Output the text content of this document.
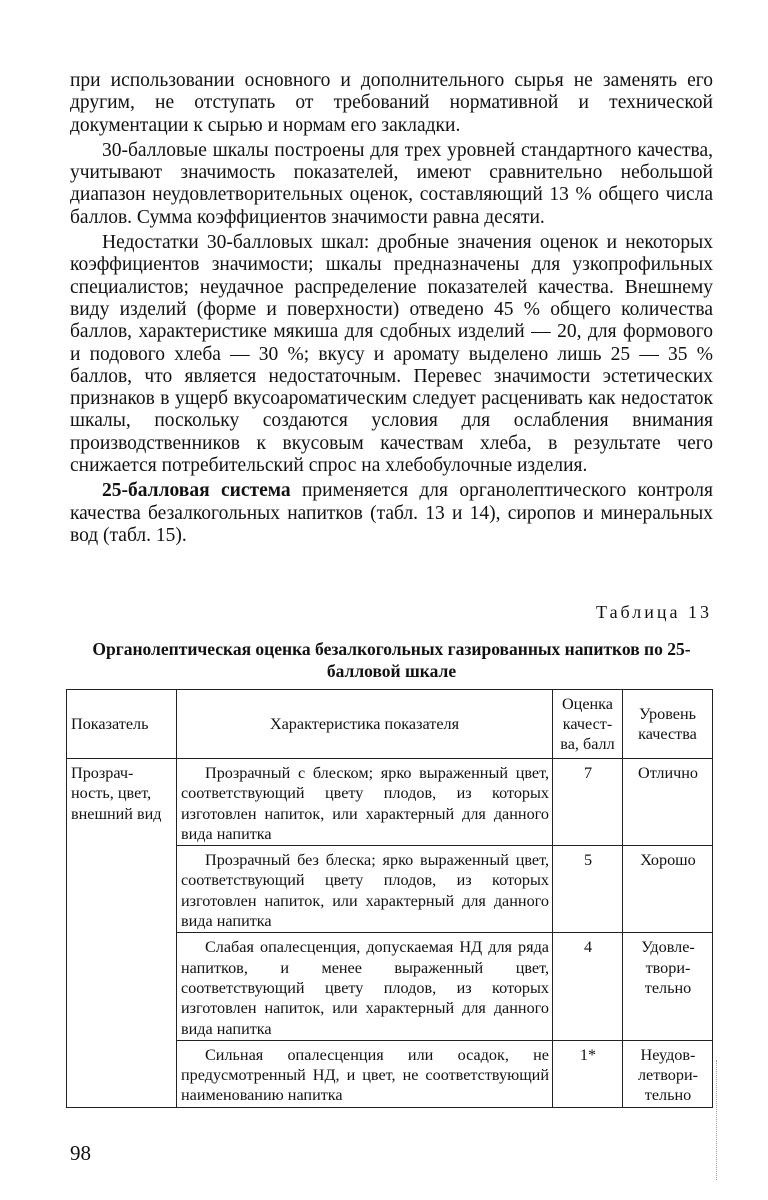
при использовании основного и дополнительного сырья не заменять его другим, не отступать от требований нормативной и технической документации к сырью и нормам его закладки.

30-балловые шкалы построены для трех уровней стандартного качества, учитывают значимость показателей, имеют сравнительно небольшой диапазон неудовлетворительных оценок, составляющий 13 % общего числа баллов. Сумма коэффициентов значимости равна десяти.

Недостатки 30-балловых шкал: дробные значения оценок и некоторых коэффициентов значимости; шкалы предназначены для узкопрофильных специалистов; неудачное распределение показателей качества. Внешнему виду изделий (форме и поверхности) отведено 45 % общего количества баллов, характеристике мякиша для сдобных изделий — 20, для формового и подового хлеба — 30 %; вкусу и аромату выделено лишь 25 — 35 % баллов, что является недостаточным. Перевес значимости эстетических признаков в ущерб вкусоароматическим следует расценивать как недостаток шкалы, поскольку создаются условия для ослабления внимания производственников к вкусовым качествам хлеба, в результате чего снижается потребительский спрос на хлебобулочные изделия.

25-балловая система применяется для органолептического контроля качества безалкогольных напитков (табл. 13 и 14), сиропов и минеральных вод (табл. 15).

Таблица 13
Органолептическая оценка безалкогольных газированных напитков по 25-балловой шкале
Показатель	Характеристика показателя	Оценка качест-ва, балл	Уровень качества
Прозрач-ность, цвет, внешний вид	Прозрачный с блеском; ярко выраженный цвет, соответствующий цвету плодов, из которых изготовлен напиток, или характерный для данного вида напитка	7	Отлично

	Прозрачный без блеска; ярко выраженный цвет, соответствующий цвету плодов, из которых изготовлен напиток, или характерный для данного вида напитка	5	Хорошо

	Слабая опалесценция, допускаемая НД для ряда напитков, и менее выраженный цвет, соответствующий цвету плодов, из которых изготовлен напиток, или характерный для данного вида напитка	4	Удовле-твори-тельно

	Сильная опалесценция или осадок, не предусмотренный НД, и цвет, не соответствующий наименованию напитка	1*	Неудов-летвори-тельно
98
